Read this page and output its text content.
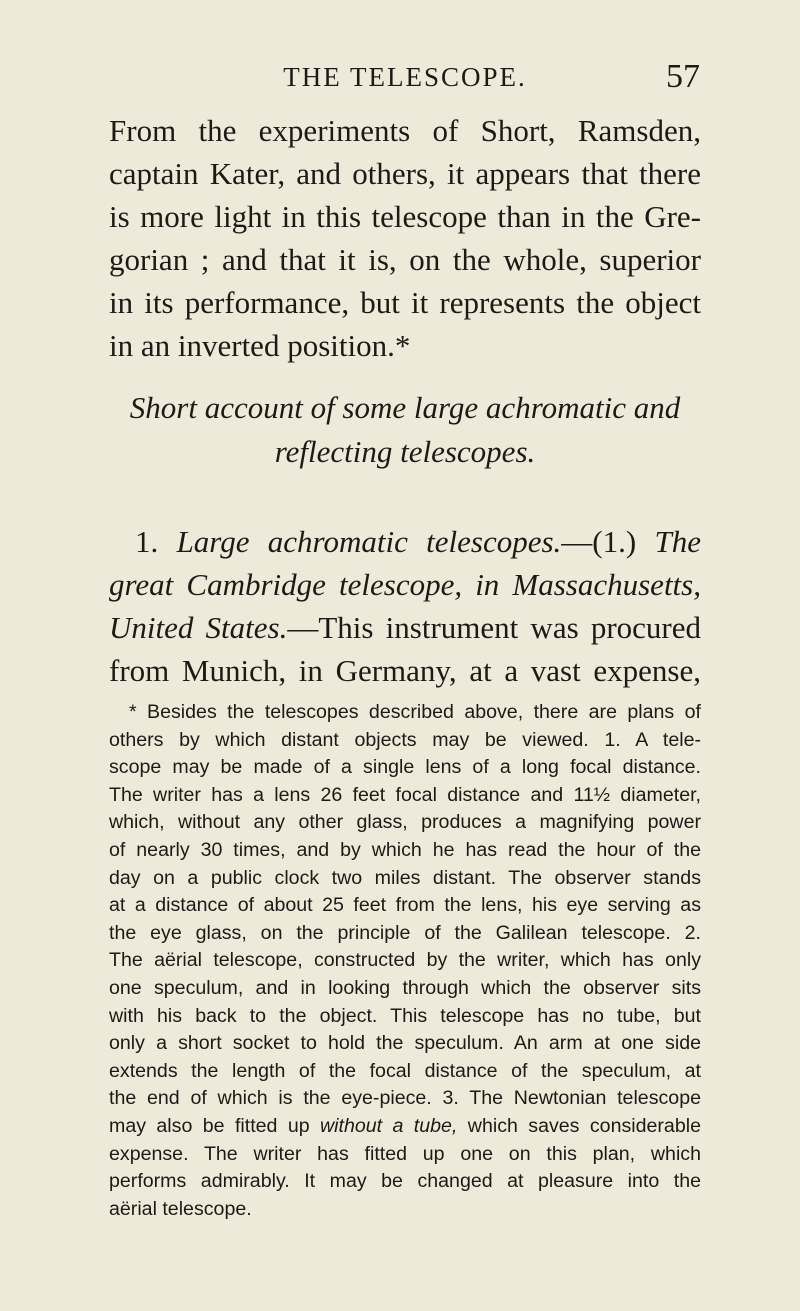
THE TELESCOPE.	57

From the experiments of Short, Ramsden,
captain Kater, and others, it appears that there
is more light in this telescope than in the Gre-
gorian ; and that it is, on the whole, superior
in its performance, but it represents the object
in an inverted position.*

Short account of some large achromatic and
reflecting telescopes.

1. Large achromatic telescopes.—(1.) The
great Cambridge telescope, in Massachusetts,
United States.—This instrument was procured
from Munich, in Germany, at a vast expense,

* Besides the telescopes described above, there are plans of
others by which distant objects may be viewed. 1. A tele-
scope may be made of a single lens of a long focal distance.
The writer has a lens 26 feet focal distance and 11½ diameter,
which, without any other glass, produces a magnifying power
of nearly 30 times, and by which he has read the hour of the
day on a public clock two miles distant. The observer stands
at a distance of about 25 feet from the lens, his eye serving as
the eye glass, on the principle of the Galilean telescope. 2.
The aërial telescope, constructed by the writer, which has only
one speculum, and in looking through which the observer sits
with his back to the object. This telescope has no tube, but
only a short socket to hold the speculum. An arm at one side
extends the length of the focal distance of the speculum, at
the end of which is the eye-piece. 3. The Newtonian telescope
may also be fitted up without a tube, which saves considerable
expense. The writer has fitted up one on this plan, which
performs admirably. It may be changed at pleasure into the
aërial telescope.
